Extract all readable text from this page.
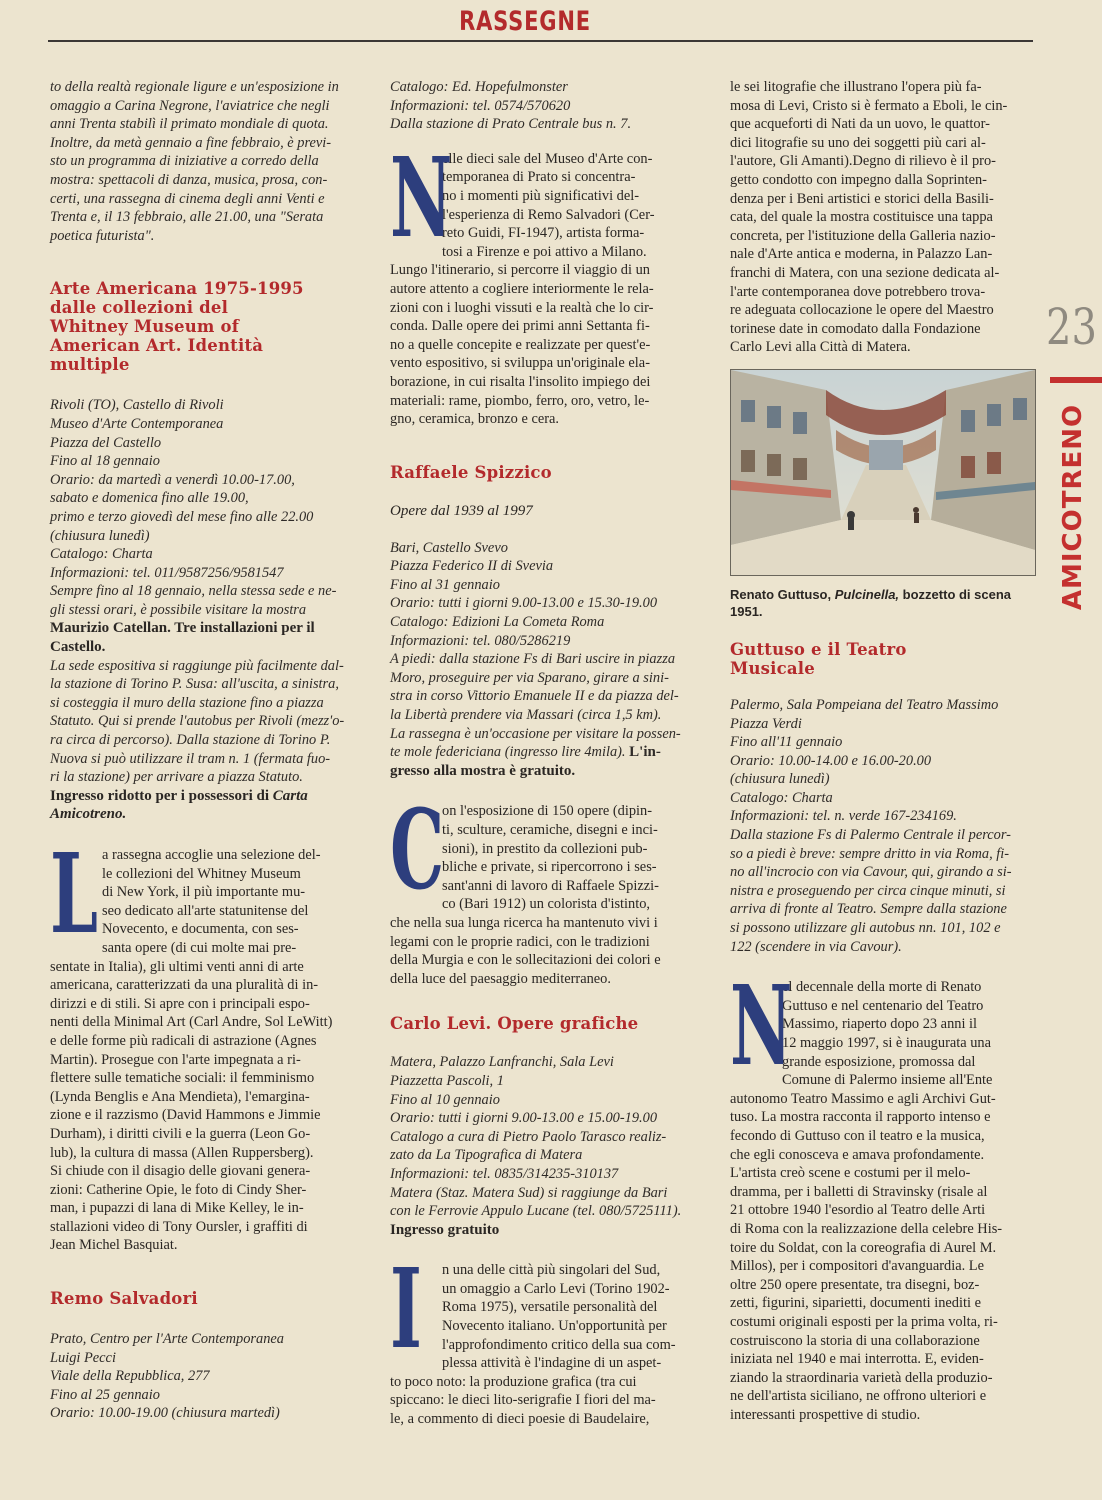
RASSEGNE
23
AMICOTRENO

to della realtà regionale ligure e un'esposizione in
omaggio a Carina Negrone, l'aviatrice che negli
anni Trenta stabilì il primato mondiale di quota.
Inoltre, da metà gennaio a fine febbraio, è previ-
sto un programma di iniziative a corredo della
mostra: spettacoli di danza, musica, prosa, con-
certi, una rassegna di cinema degli anni Venti e
Trenta e, il 13 febbraio, alle 21.00, una "Serata
poetica futurista".

Arte Americana 1975-1995
dalle collezioni del
Whitney Museum of
American Art. Identità
multiple

Rivoli (TO), Castello di Rivoli
Museo d'Arte Contemporanea
Piazza del Castello
Fino al 18 gennaio
Orario: da martedì a venerdì 10.00-17.00,
sabato e domenica fino alle 19.00,
primo e terzo giovedì del mese fino alle 22.00
(chiusura lunedì)
Catalogo: Charta
Informazioni: tel. 011/9587256/9581547
Sempre fino al 18 gennaio, nella stessa sede e ne-
gli stessi orari, è possibile visitare la mostra

Maurizio Catellan. Tre installazioni per il
Castello.

La sede espositiva si raggiunge più facilmente dal-
la stazione di Torino P. Susa: all'uscita, a sinistra,
si costeggia il muro della stazione fino a piazza
Statuto. Qui si prende l'autobus per Rivoli (mezz'o-
ra circa di percorso). Dalla stazione di Torino P.
Nuova si può utilizzare il tram n. 1 (fermata fuo-
ri la stazione) per arrivare a piazza Statuto.

Ingresso ridotto per i possessori di Carta
Amicotreno.

L a rassegna accoglie una selezione del-
le collezioni del Whitney Museum
di New York, il più importante mu-
seo dedicato all'arte statunitense del
Novecento, e documenta, con ses-
santa opere (di cui molte mai pre-
sentate in Italia), gli ultimi venti anni di arte
americana, caratterizzati da una pluralità di in-
dirizzi e di stili. Si apre con i principali espo-
nenti della Minimal Art (Carl Andre, Sol LeWitt)
e delle forme più radicali di astrazione (Agnes
Martin). Prosegue con l'arte impegnata a ri-
flettere sulle tematiche sociali: il femminismo
(Lynda Benglis e Ana Mendieta), l'emargina-
zione e il razzismo (David Hammons e Jimmie
Durham), i diritti civili e la guerra (Leon Go-
lub), la cultura di massa (Allen Ruppersberg).
Si chiude con il disagio delle giovani genera-
zioni: Catherine Opie, le foto di Cindy Sher-
man, i pupazzi di lana di Mike Kelley, le in-
stallazioni video di Tony Oursler, i graffiti di
Jean Michel Basquiat.

Remo Salvadori

Prato, Centro per l'Arte Contemporanea
Luigi Pecci
Viale della Repubblica, 277
Fino al 25 gennaio
Orario: 10.00-19.00 (chiusura martedì)

Catalogo: Ed. Hopefulmonster
Informazioni: tel. 0574/570620
Dalla stazione di Prato Centrale bus n. 7.

N

elle dieci sale del Museo d'Arte con-
temporanea di Prato si concentra-
no i momenti più significativi del-
l'esperienza di Remo Salvadori (Cer-
reto Guidi, FI-1947), artista forma-
tosi a Firenze e poi attivo a Milano.
Lungo l'itinerario, si percorre il viaggio di un
autore attento a cogliere interiormente le rela-
zioni con i luoghi vissuti e la realtà che lo cir-
conda. Dalle opere dei primi anni Settanta fi-
no a quelle concepite e realizzate per quest'e-
vento espositivo, si sviluppa un'originale ela-
borazione, in cui risalta l'insolito impiego dei
materiali: rame, piombo, ferro, oro, vetro, le-
gno, ceramica, bronzo e cera.

Raffaele Spizzico
Opere dal 1939 al 1997

Bari, Castello Svevo
Piazza Federico II di Svevia
Fino al 31 gennaio
Orario: tutti i giorni 9.00-13.00 e 15.30-19.00
Catalogo: Edizioni La Cometa Roma
Informazioni: tel. 080/5286219
A piedi: dalla stazione Fs di Bari uscire in piazza
Moro, proseguire per via Sparano, girare a sini-
stra in corso Vittorio Emanuele II e da piazza del-
la Libertà prendere via Massari (circa 1,5 km).
La rassegna è un'occasione per visitare la possen-

te mole federiciana (ingresso lire 4mila). L'in-

gresso alla mostra è gratuito.

C

on l'esposizione di 150 opere (dipin-
ti, sculture, ceramiche, disegni e inci-
sioni), in prestito da collezioni pub-
bliche e private, si ripercorrono i ses-
sant'anni di lavoro di Raffaele Spizzi-
co (Bari 1912) un colorista d'istinto,
che nella sua lunga ricerca ha mantenuto vivi i
legami con le proprie radici, con le tradizioni
della Murgia e con le sollecitazioni dei colori e
della luce del paesaggio mediterraneo.

Carlo Levi. Opere grafiche

Matera, Palazzo Lanfranchi, Sala Levi
Piazzetta Pascoli, 1
Fino al 10 gennaio
Orario: tutti i giorni 9.00-13.00 e 15.00-19.00
Catalogo a cura di Pietro Paolo Tarasco realiz-
zato da La Tipografica di Matera
Informazioni: tel. 0835/314235-310137
Matera (Staz. Matera Sud) si raggiunge da Bari
con le Ferrovie Appulo Lucane (tel. 080/5725111).

Ingresso gratuito

I	n una delle città più singolari del Sud,
un omaggio a Carlo Levi (Torino 1902-
Roma 1975), versatile personalità del
Novecento italiano. Un'opportunità per
l'approfondimento critico della sua com-
plessa attività è l'indagine di un aspet-
to poco noto: la produzione grafica (tra cui
spiccano: le dieci lito-serigrafie I fiori del ma-
le, a commento di dieci poesie di Baudelaire,

le sei litografie che illustrano l'opera più fa-
mosa di Levi, Cristo si è fermato a Eboli, le cin-
que acqueforti di Nati da un uovo, le quattor-
dici litografie su uno dei soggetti più cari al-
l'autore, Gli Amanti).Degno di rilievo è il pro-
getto condotto con impegno dalla Soprinten-
denza per i Beni artistici e storici della Basili-
cata, del quale la mostra costituisce una tappa
concreta, per l'istituzione della Galleria nazio-
nale d'Arte antica e moderna, in Palazzo Lan-
franchi di Matera, con una sezione dedicata al-
l'arte contemporanea dove potrebbero trova-
re adeguata collocazione le opere del Maestro
torinese date in comodato dalla Fondazione
Carlo Levi alla Città di Matera.

Renato Guttuso, Pulcinella, bozzetto di scena
1951.

Guttuso e il Teatro
Musicale

Palermo, Sala Pompeiana del Teatro Massimo
Piazza Verdi
Fino all'11 gennaio
Orario: 10.00-14.00 e 16.00-20.00
(chiusura lunedì)
Catalogo: Charta
Informazioni: tel. n. verde 167-234169.
Dalla stazione Fs di Palermo Centrale il percor-
so a piedi è breve: sempre dritto in via Roma, fi-
no all'incrocio con via Cavour, qui, girando a si-
nistra e proseguendo per circa cinque minuti, si
arriva di fronte al Teatro. Sempre dalla stazione
si possono utilizzare gli autobus nn. 101, 102 e
122 (scendere in via Cavour).

N

el decennale della morte di Renato
Guttuso e nel centenario del Teatro
Massimo, riaperto dopo 23 anni il
12 maggio 1997, si è inaugurata una
grande esposizione, promossa dal
Comune di Palermo insieme all'Ente
autonomo Teatro Massimo e agli Archivi Gut-
tuso. La mostra racconta il rapporto intenso e
fecondo di Guttuso con il teatro e la musica,
che egli conosceva e amava profondamente.
L'artista creò scene e costumi per il melo-
dramma, per i balletti di Stravinsky (risale al
21 ottobre 1940 l'esordio al Teatro delle Arti
di Roma con la realizzazione della celebre His-
toire du Soldat, con la coreografia di Aurel M.
Millos), per i compositori d'avanguardia. Le
oltre 250 opere presentate, tra disegni, boz-
zetti, figurini, siparietti, documenti inediti e
costumi originali esposti per la prima volta, ri-
costruiscono la storia di una collaborazione
iniziata nel 1940 e mai interrotta. E, eviden-
ziando la straordinaria varietà della produzio-
ne dell'artista siciliano, ne offrono ulteriori e
interessanti prospettive di studio.
